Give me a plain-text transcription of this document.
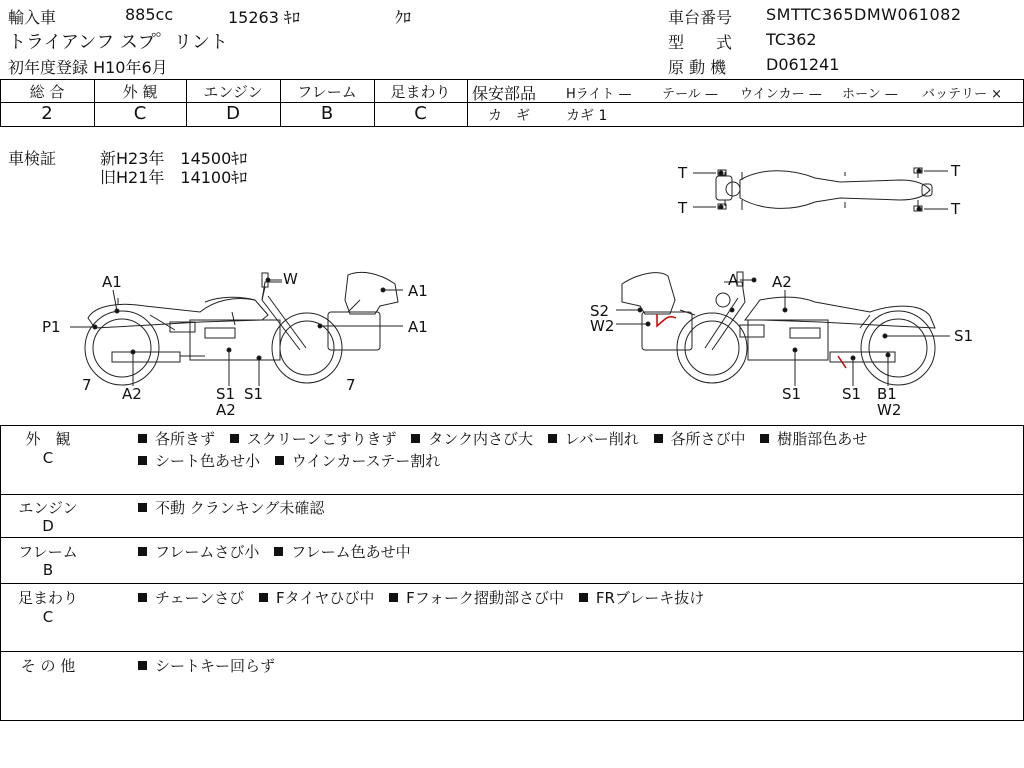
輸入車	885cc	15263 ｷﾛ	ｸﾛ
トライアンフ スプ゜リント
初年度登録 H10年6月
車台番号 SMTTC365DMW061082
型　　式 TC362
原 動 機 D061241
総 合	外 観	エンジン	フレーム	足まわり
2	C	D	B	C
保安部品 Hライト — テール — ウインカー — ホーン — バッテリー ×
カ　ギ	カギ 1
車検証	新H23年　14500ｷﾛ
旧H21年　14100ｷﾛ	T
T
T
T
A1	W
A1
P1	A1
7 A2	S1 S1
A2
7
A A2
S2
W2
S1
S1	S1 B1
W2
外　観
C
各所きず スクリーンこすりきず タンク内さび大 レバー削れ 各所さび中 樹脂部色あせ
シート色あせ小 ウインカーステー割れ
エンジン
D
不動 クランキング未確認
フレーム
B
フレームさび小 フレーム色あせ中
足まわり
C
チェーンさび Fタイヤひび中 Fフォーク摺動部さび中 FRブレーキ抜け
そ の 他	シートキー回らず
